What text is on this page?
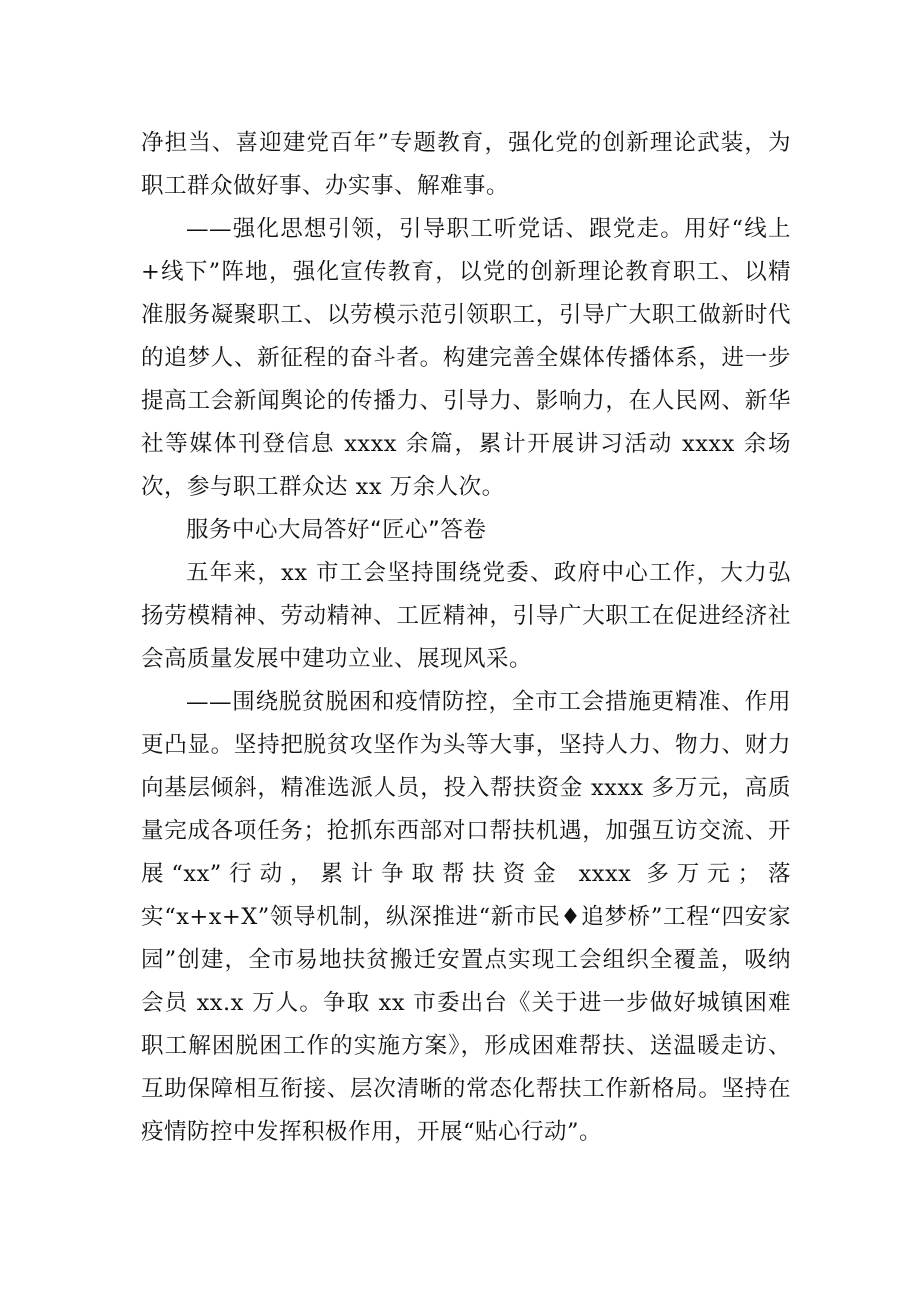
净担当、喜迎建党百年”专题教育，强化党的创新理论武装，为职工群众做好事、办实事、解难事。

——强化思想引领，引导职工听党话、跟党走。用好“线上+线下”阵地，强化宣传教育，以党的创新理论教育职工、以精准服务凝聚职工、以劳模示范引领职工，引导广大职工做新时代的追梦人、新征程的奋斗者。构建完善全媒体传播体系，进一步提高工会新闻舆论的传播力、引导力、影响力，在人民网、新华社等媒体刊登信息 xxxx 余篇，累计开展讲习活动 xxxx 余场次，参与职工群众达 xx 万余人次。

服务中心大局答好“匠心”答卷

五年来，xx 市工会坚持围绕党委、政府中心工作，大力弘扬劳模精神、劳动精神、工匠精神，引导广大职工在促进经济社会高质量发展中建功立业、展现风采。

——围绕脱贫脱困和疫情防控，全市工会措施更精准、作用更凸显。坚持把脱贫攻坚作为头等大事，坚持人力、物力、财力向基层倾斜，精准选派人员，投入帮扶资金 xxxx 多万元，高质量完成各项任务；抢抓东西部对口帮扶机遇，加强互访交流、开展“xx”行动，累计争取帮扶资金 xxxx 多万元；落实“x+x+X”领导机制，纵深推进“新市民♦追梦桥”工程“四安家园”创建，全市易地扶贫搬迁安置点实现工会组织全覆盖，吸纳会员 xx.x 万人。争取 xx 市委出台《关于进一步做好城镇困难职工解困脱困工作的实施方案》，形成困难帮扶、送温暖走访、互助保障相互衔接、层次清晰的常态化帮扶工作新格局。坚持在疫情防控中发挥积极作用，开展“贴心行动”。
